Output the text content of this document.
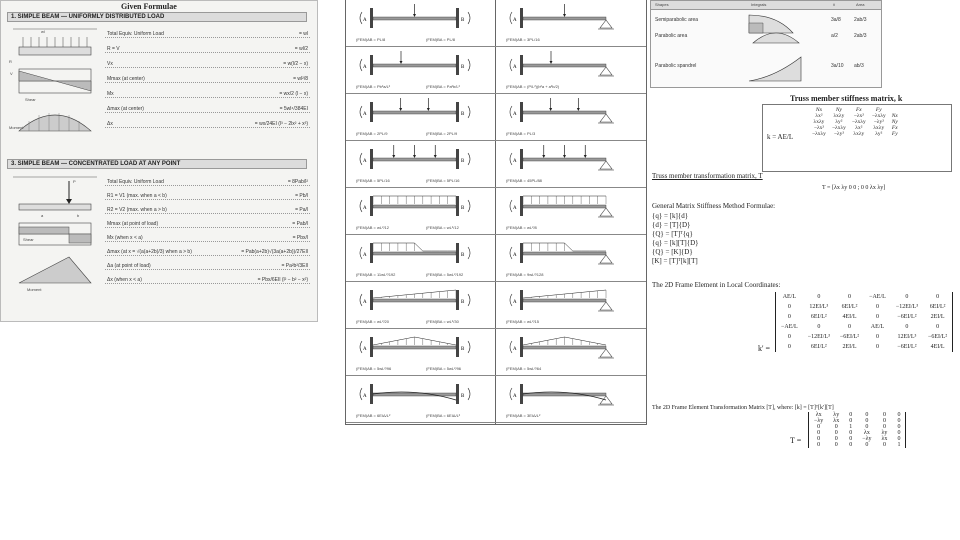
Given Formulae
1. SIMPLE BEAM — UNIFORMLY DISTRIBUTED LOAD
wl
R
V
Shear
Moment
Total Equiv. Uniform Load	= wl
R = V	= wl/2
Vx	= w(l/2 − x)
Mmax (at center)	= wl²/8
Mx	= wx/2 (l − x)
Δmax (at center)	= 5wl⁴/384EI
Δx	= wx/24EI (l³ − 2lx² + x³)
3. SIMPLE BEAM — CONCENTRATED LOAD AT ANY POINT
P
a	b
Shear
Moment
Total Equiv. Uniform Load	= 8Pab/l²
R1 = V1 (max. when a < b)	= Pb/l
R2 = V2 (max. when a > b)	= Pa/l
Mmax (at point of load)	= Pab/l
Mx (when x < a)	= Pbx/l
Δmax (at x = √(a(a+2b)/3) when a > b)	= Pab(a+2b)√(3a(a+2b))/27EIl
Δa (at point of load)	= Pa²b²/3EIl
Δx (when x < a)	= Pbx/6EIl (l² − b² − x²)
A	B
(FEM)AB = PL/8	(FEM)BA = PL/8
A
(FEM)AB = 3PL/16
A	B
(FEM)AB = Pb²a/L²	(FEM)BA = Pa²b/L²
A
(FEM)AB = (P/L²)(b²a + a²b/2)
A	B
(FEM)AB = 2PL/9	(FEM)BA = 2PL/9
A
(FEM)AB = PL/3
A	B
(FEM)AB = 5PL/16	(FEM)BA = 5PL/16
A
(FEM)AB = 45PL/88
A	B
(FEM)AB = wL²/12	(FEM)BA = wL²/12
A
(FEM)AB = wL²/8
A	B
(FEM)AB = 11wL²/192	(FEM)BA = 5wL²/192
A
(FEM)AB = 9wL²/128
A	B
(FEM)AB = wL²/20	(FEM)BA = wL²/30
A
(FEM)AB = wL²/15
A	B
(FEM)AB = 5wL²/96	(FEM)BA = 5wL²/96
A
(FEM)AB = 5wL²/64
A	B
(FEM)AB = 6EIΔ/L²	(FEM)BA = 6EIΔ/L²
A
(FEM)AB = 3EIΔ/L²
Shapes	Integrals	x̄	Area
Semiparabolic area	3a/8	2ab/3
Parabolic area	a/2	2ab/3
Parabolic spandrel	3a/10 ab/3
Truss member stiffness matrix, k
k = AE/L
Nx	Ny	Fx	Fy	
λx²	λxλy	−λx²	−λxλy	Nx
λxλy	λy²	−λxλy	−λy²	Ny
−λx²	−λxλy	λx²	λxλy	Fx
−λxλy	−λy²	λxλy	λy²	Fy
Truss member transformation matrix, T
T = [λx λy 0 0 ; 0 0 λx λy]
General Matrix Stiffness Method Formulae:
{q} = [k]{d}
{d} = [T]{D}
{Q} = [T]ᵀ{q}
{q} = [k][T]{D}
{Q} = [K]{D}
[K] = [T]ᵀ[k][T]
The 2D Frame Element in Local Coordinates:
k' =
AE/L	0	0	−AE/L	0	0
0	12EI/L³	6EI/L²	0	−12EI/L³	6EI/L²
0	6EI/L²	4EI/L	0	−6EI/L²	2EI/L
−AE/L	0	0	AE/L	0	0
0	−12EI/L³	−6EI/L²	0	12EI/L³	−6EI/L²
0	6EI/L²	2EI/L	0	−6EI/L²	4EI/L
The 2D Frame Element Transformation Matrix [T], where: [k] = [T]ᵀ[k'][T]
T =
λx	λy	0	0	0	0
−λy	λx	0	0	0	0
0	0	1	0	0	0
0	0	0	λx	λy	0
0	0	0	−λy	λx	0
0	0	0	0	0	1
